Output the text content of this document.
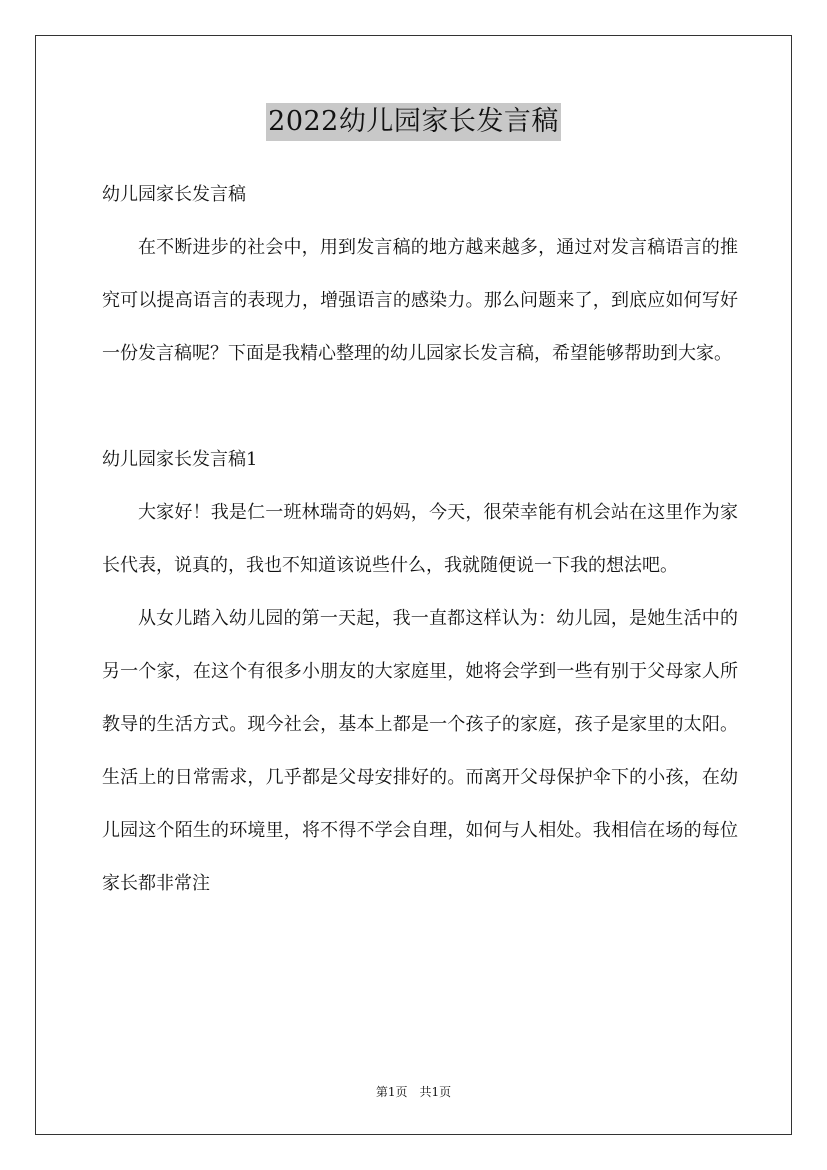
2022幼儿园家长发言稿

幼儿园家长发言稿

在不断进步的社会中，用到发言稿的地方越来越多，通过对发言稿语言的推究可以提高语言的表现力，增强语言的感染力。那么问题来了，到底应如何写好一份发言稿呢？下面是我精心整理的幼儿园家长发言稿，希望能够帮助到大家。

幼儿园家长发言稿1

大家好！我是仁一班林瑞奇的妈妈，今天，很荣幸能有机会站在这里作为家长代表，说真的，我也不知道该说些什么，我就随便说一下我的想法吧。

从女儿踏入幼儿园的第一天起，我一直都这样认为：幼儿园，是她生活中的另一个家，在这个有很多小朋友的大家庭里，她将会学到一些有别于父母家人所教导的生活方式。现今社会，基本上都是一个孩子的家庭，孩子是家里的太阳。生活上的日常需求，几乎都是父母安排好的。而离开父母保护伞下的小孩，在幼儿园这个陌生的环境里，将不得不学会自理，如何与人相处。我相信在场的每位家长都非常注

第1页 共1页
